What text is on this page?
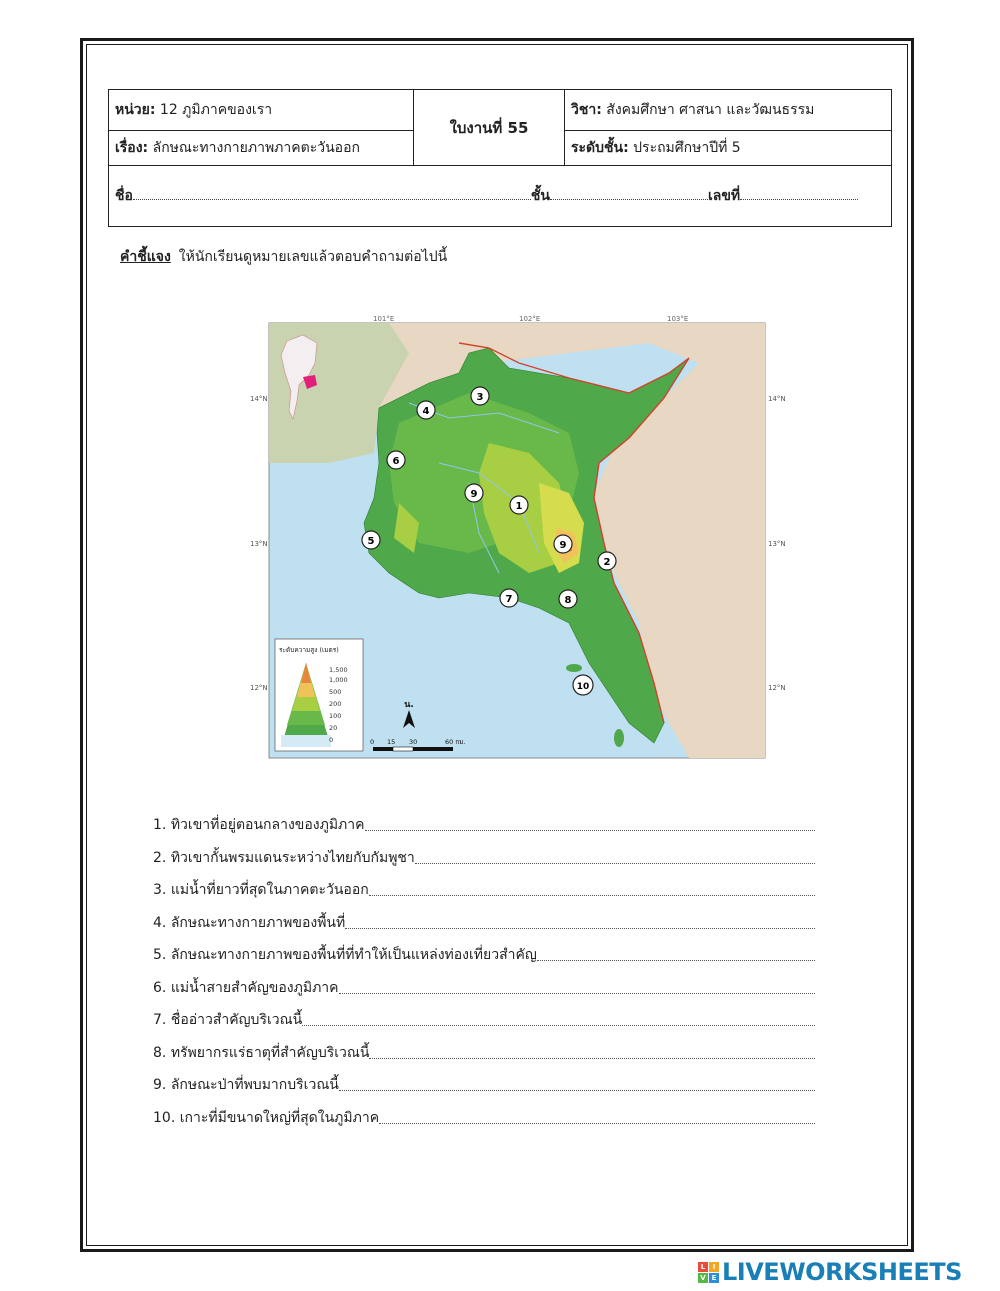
หน่วย: 12 ภูมิภาคของเรา	ใบงานที่ 55	วิชา: สังคมศึกษา ศาสนา และวัฒนธรรม
เรื่อง: ลักษณะทางกายภาพภาคตะวันออก		ระดับชั้น: ประถมศึกษาปีที่ 5
ชื่อ ชั้น เลขที่		
คำชี้แจง ให้นักเรียนดูหมายเลขแล้วตอบคำถามต่อไปนี้
101°E	102°E	103°E
1
2
3
4
5
6
7	8
9
9
10
ระดับความสูง (เมตร)
1,500
1,000
500
200
100
20
0
น.
0 15 30	60 กม.
14°N
13°N
12°N
14°N
13°N
12°N
1. ทิวเขาที่อยู่ตอนกลางของภูมิภาค
2. ทิวเขากั้นพรมแดนระหว่างไทยกับกัมพูชา
3. แม่น้ำที่ยาวที่สุดในภาคตะวันออก
4. ลักษณะทางกายภาพของพื้นที่
5. ลักษณะทางกายภาพของพื้นที่ที่ทำให้เป็นแหล่งท่องเที่ยวสำคัญ
6. แม่น้ำสายสำคัญของภูมิภาค
7. ชื่ออ่าวสำคัญบริเวณนี้
8. ทรัพยากรแร่ธาตุที่สำคัญบริเวณนี้
9. ลักษณะป่าที่พบมากบริเวณนี้
10. เกาะที่มีขนาดใหญ่ที่สุดในภูมิภาค
L	I
V E LIVEWORKSHEETS
